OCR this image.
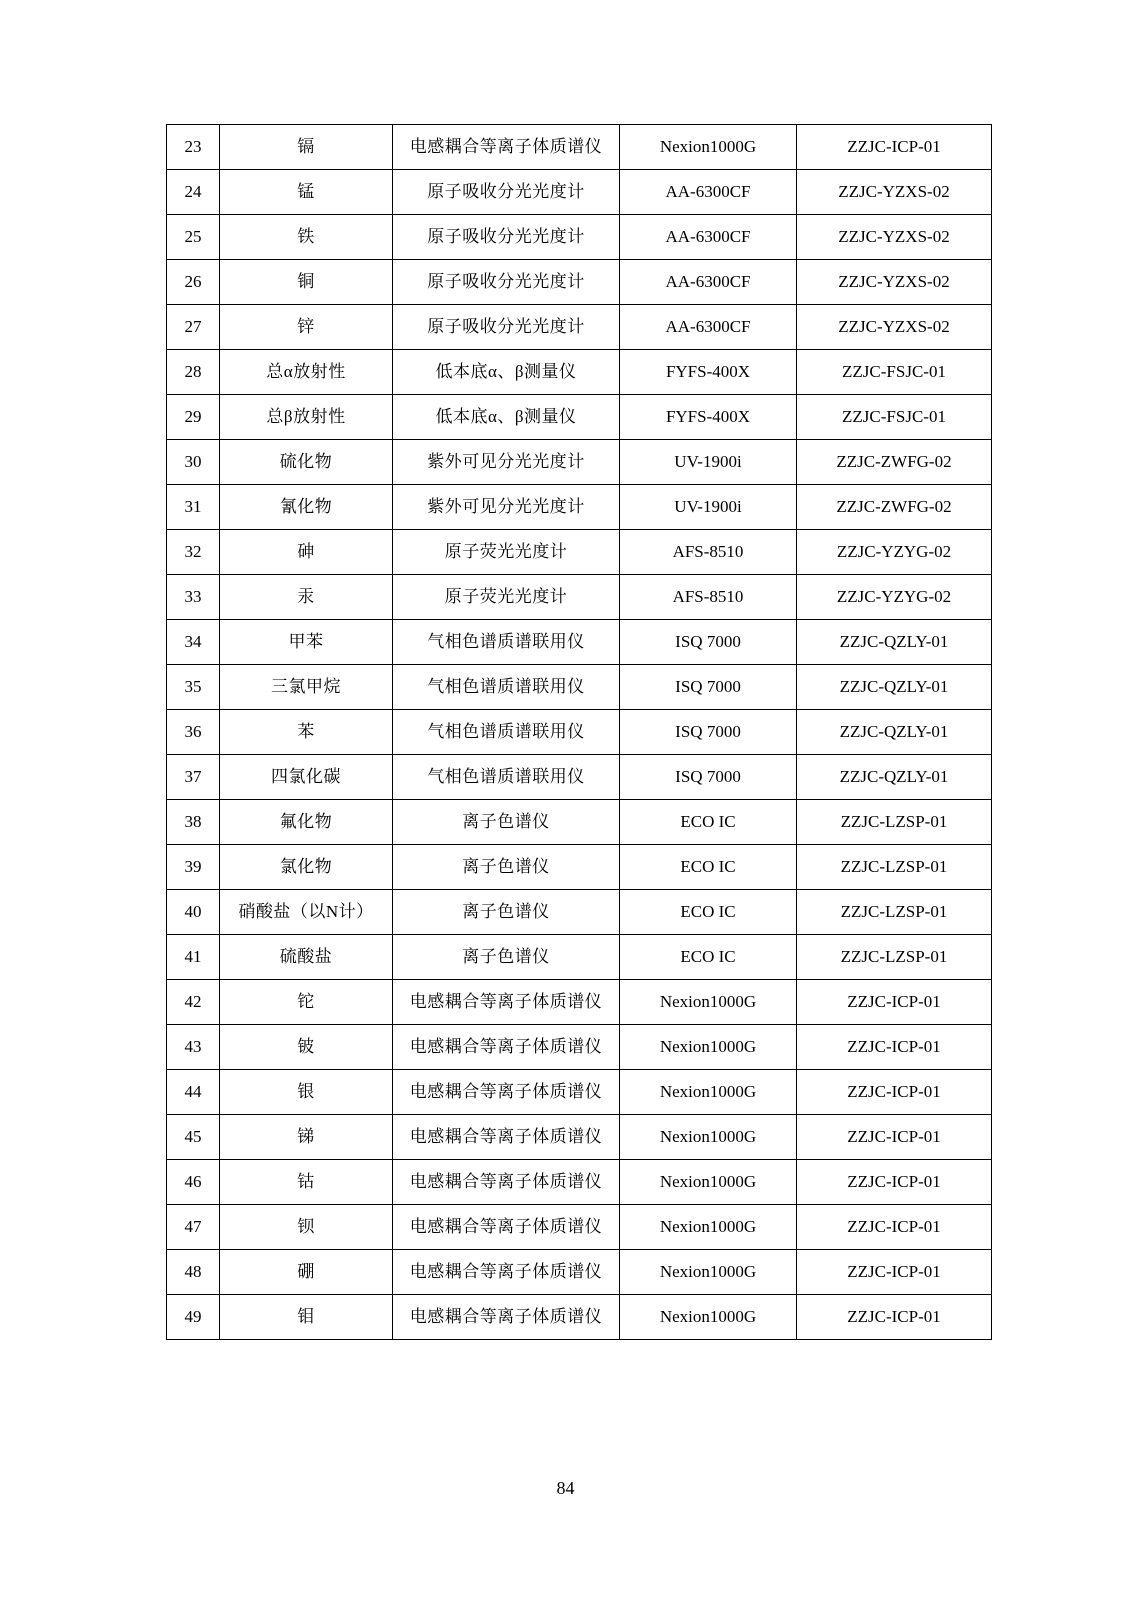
23	镉	电感耦合等离子体质谱仪	Nexion1000G	ZZJC-ICP-01
24	锰	原子吸收分光光度计	AA-6300CF	ZZJC-YZXS-02
25	铁	原子吸收分光光度计	AA-6300CF	ZZJC-YZXS-02
26	铜	原子吸收分光光度计	AA-6300CF	ZZJC-YZXS-02
27	锌	原子吸收分光光度计	AA-6300CF	ZZJC-YZXS-02
28	总α放射性	低本底α、β测量仪	FYFS-400X	ZZJC-FSJC-01
29	总β放射性	低本底α、β测量仪	FYFS-400X	ZZJC-FSJC-01
30	硫化物	紫外可见分光光度计	UV-1900i	ZZJC-ZWFG-02
31	氰化物	紫外可见分光光度计	UV-1900i	ZZJC-ZWFG-02
32	砷	原子荧光光度计	AFS-8510	ZZJC-YZYG-02
33	汞	原子荧光光度计	AFS-8510	ZZJC-YZYG-02
34	甲苯	气相色谱质谱联用仪	ISQ 7000	ZZJC-QZLY-01
35	三氯甲烷	气相色谱质谱联用仪	ISQ 7000	ZZJC-QZLY-01
36	苯	气相色谱质谱联用仪	ISQ 7000	ZZJC-QZLY-01
37	四氯化碳	气相色谱质谱联用仪	ISQ 7000	ZZJC-QZLY-01
38	氟化物	离子色谱仪	ECO IC	ZZJC-LZSP-01
39	氯化物	离子色谱仪	ECO IC	ZZJC-LZSP-01
40	硝酸盐（以N计）	离子色谱仪	ECO IC	ZZJC-LZSP-01
41	硫酸盐	离子色谱仪	ECO IC	ZZJC-LZSP-01
42	铊	电感耦合等离子体质谱仪	Nexion1000G	ZZJC-ICP-01
43	铍	电感耦合等离子体质谱仪	Nexion1000G	ZZJC-ICP-01
44	银	电感耦合等离子体质谱仪	Nexion1000G	ZZJC-ICP-01
45	锑	电感耦合等离子体质谱仪	Nexion1000G	ZZJC-ICP-01
46	钴	电感耦合等离子体质谱仪	Nexion1000G	ZZJC-ICP-01
47	钡	电感耦合等离子体质谱仪	Nexion1000G	ZZJC-ICP-01
48	硼	电感耦合等离子体质谱仪	Nexion1000G	ZZJC-ICP-01
49	钼	电感耦合等离子体质谱仪	Nexion1000G	ZZJC-ICP-01
84
